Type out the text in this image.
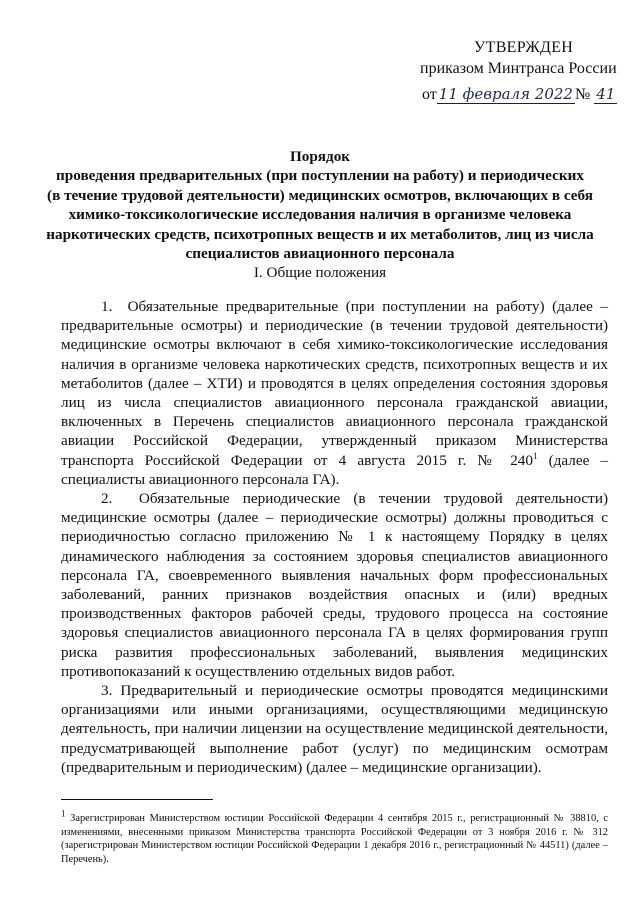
УТВЕРЖДЕН
приказом Минтранса России
от 11 февраля 2022 № 41
Порядок
проведения предварительных (при поступлении на работу) и периодических
(в течение трудовой деятельности) медицинских осмотров, включающих в себя
химико-токсикологические исследования наличия в организме человека
наркотических средств, психотропных веществ и их метаболитов, лиц из числа
специалистов авиационного персонала
I. Общие положения

1.  Обязательные предварительные (при поступлении на работу) (далее – предварительные осмотры) и периодические (в течении трудовой деятельности) медицинские осмотры включают в себя химико-токсикологические исследования наличия в организме человека наркотических средств, психотропных веществ и их метаболитов (далее – ХТИ) и проводятся в целях определения состояния здоровья лиц из числа специалистов авиационного персонала гражданской авиации, включенных в Перечень специалистов авиационного персонала гражданской авиации Российской Федерации, утвержденный приказом Министерства транспорта Российской Федерации от 4 августа 2015 г. № $240^1$ (далее – специалисты авиационного персонала ГА).

2.  Обязательные периодические (в течении трудовой деятельности) медицинские осмотры (далее – периодические осмотры) должны проводиться с периодичностью согласно приложению № 1 к настоящему Порядку в целях динамического наблюдения за состоянием здоровья специалистов авиационного персонала ГА, своевременного выявления начальных форм профессиональных заболеваний, ранних признаков воздействия опасных и (или) вредных производственных факторов рабочей среды, трудового процесса на состояние здоровья специалистов авиационного персонала ГА в целях формирования групп риска развития профессиональных заболеваний, выявления медицинских противопоказаний к осуществлению отдельных видов работ.

3. Предварительный и периодические осмотры проводятся медицинскими организациями или иными организациями, осуществляющими медицинскую деятельность, при наличии лицензии на осуществление медицинской деятельности, предусматривающей выполнение работ (услуг) по медицинским осмотрам (предварительным и периодическим) (далее – медицинские организации).

1 Зарегистрирован Министерством юстиции Российской Федерации 4 сентября 2015 г., регистрационный № 38810, с изменениями, внесенными приказом Министерства транспорта Российской Федерации от 3 ноября 2016 г. № 312 (зарегистрирован Министерством юстиции Российской Федерации 1 декабря 2016 г., регистрационный № 44511) (далее – Перечень).
